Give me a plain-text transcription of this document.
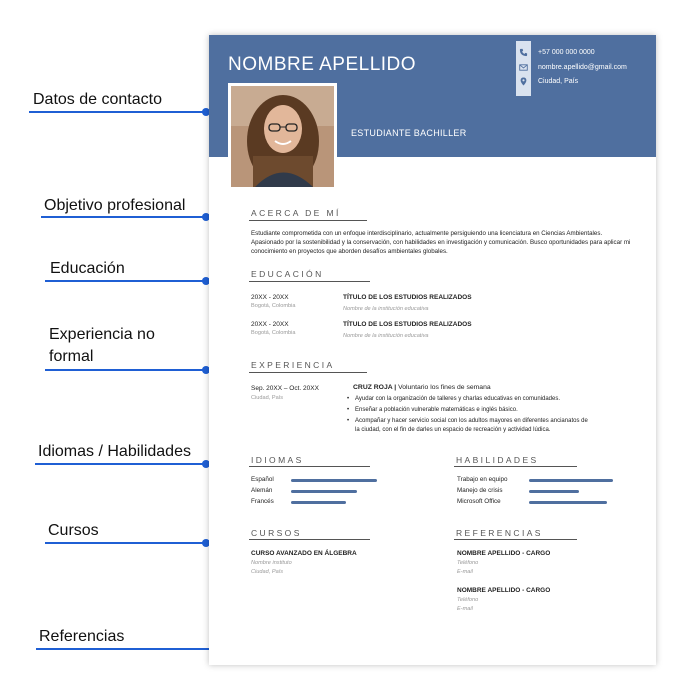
Datos de contacto
Objetivo profesional
Educación
Experiencia no formal
Idiomas / Habilidades
Cursos
Referencias
NOMBRE APELLIDO
ESTUDIANTE BACHILLER
+57 000 000 0000
nombre.apellido@gmail.com
Ciudad, País
ACERCA DE MÍ
Estudiante comprometida con un enfoque interdisciplinario, actualmente persiguiendo una licenciatura en Ciencias Ambientales. Apasionado por la sostenibilidad y la conservación, con habilidades en investigación y comunicación. Busco oportunidades para aplicar mi conocimiento en proyectos que aborden desafíos ambientales globales.
EDUCACIÓN
20XX - 20XX
Bogotá, Colombia
TÍTULO DE LOS ESTUDIOS REALIZADOS
Nombre de la institución educativa
20XX - 20XX
Bogotá, Colombia
TÍTULO DE LOS ESTUDIOS REALIZADOS
Nombre de la institución educativa
EXPERIENCIA
Sep. 20XX – Oct. 20XX
Ciudad, País
CRUZ ROJA | Voluntario los fines de semana
• Ayudar con la organización de talleres y charlas educativas en comunidades.
• Enseñar a población vulnerable matemáticas e inglés básico.
• Acompañar y hacer servicio social con los adultos mayores en diferentes ancianatos de
la ciudad, con el fin de darles un espacio de recreación y actividad lúdica.
IDIOMAS
Español
Alemán
Francés
HABILIDADES
Trabajo en equipo
Manejo de crisis
Microsoft Office
CURSOS
CURSO AVANZADO EN ÁLGEBRA
Nombre instituto
Ciudad, País
REFERENCIAS
NOMBRE APELLIDO - CARGO
Teléfono
E-mail
NOMBRE APELLIDO - CARGO
Teléfono
E-mail
